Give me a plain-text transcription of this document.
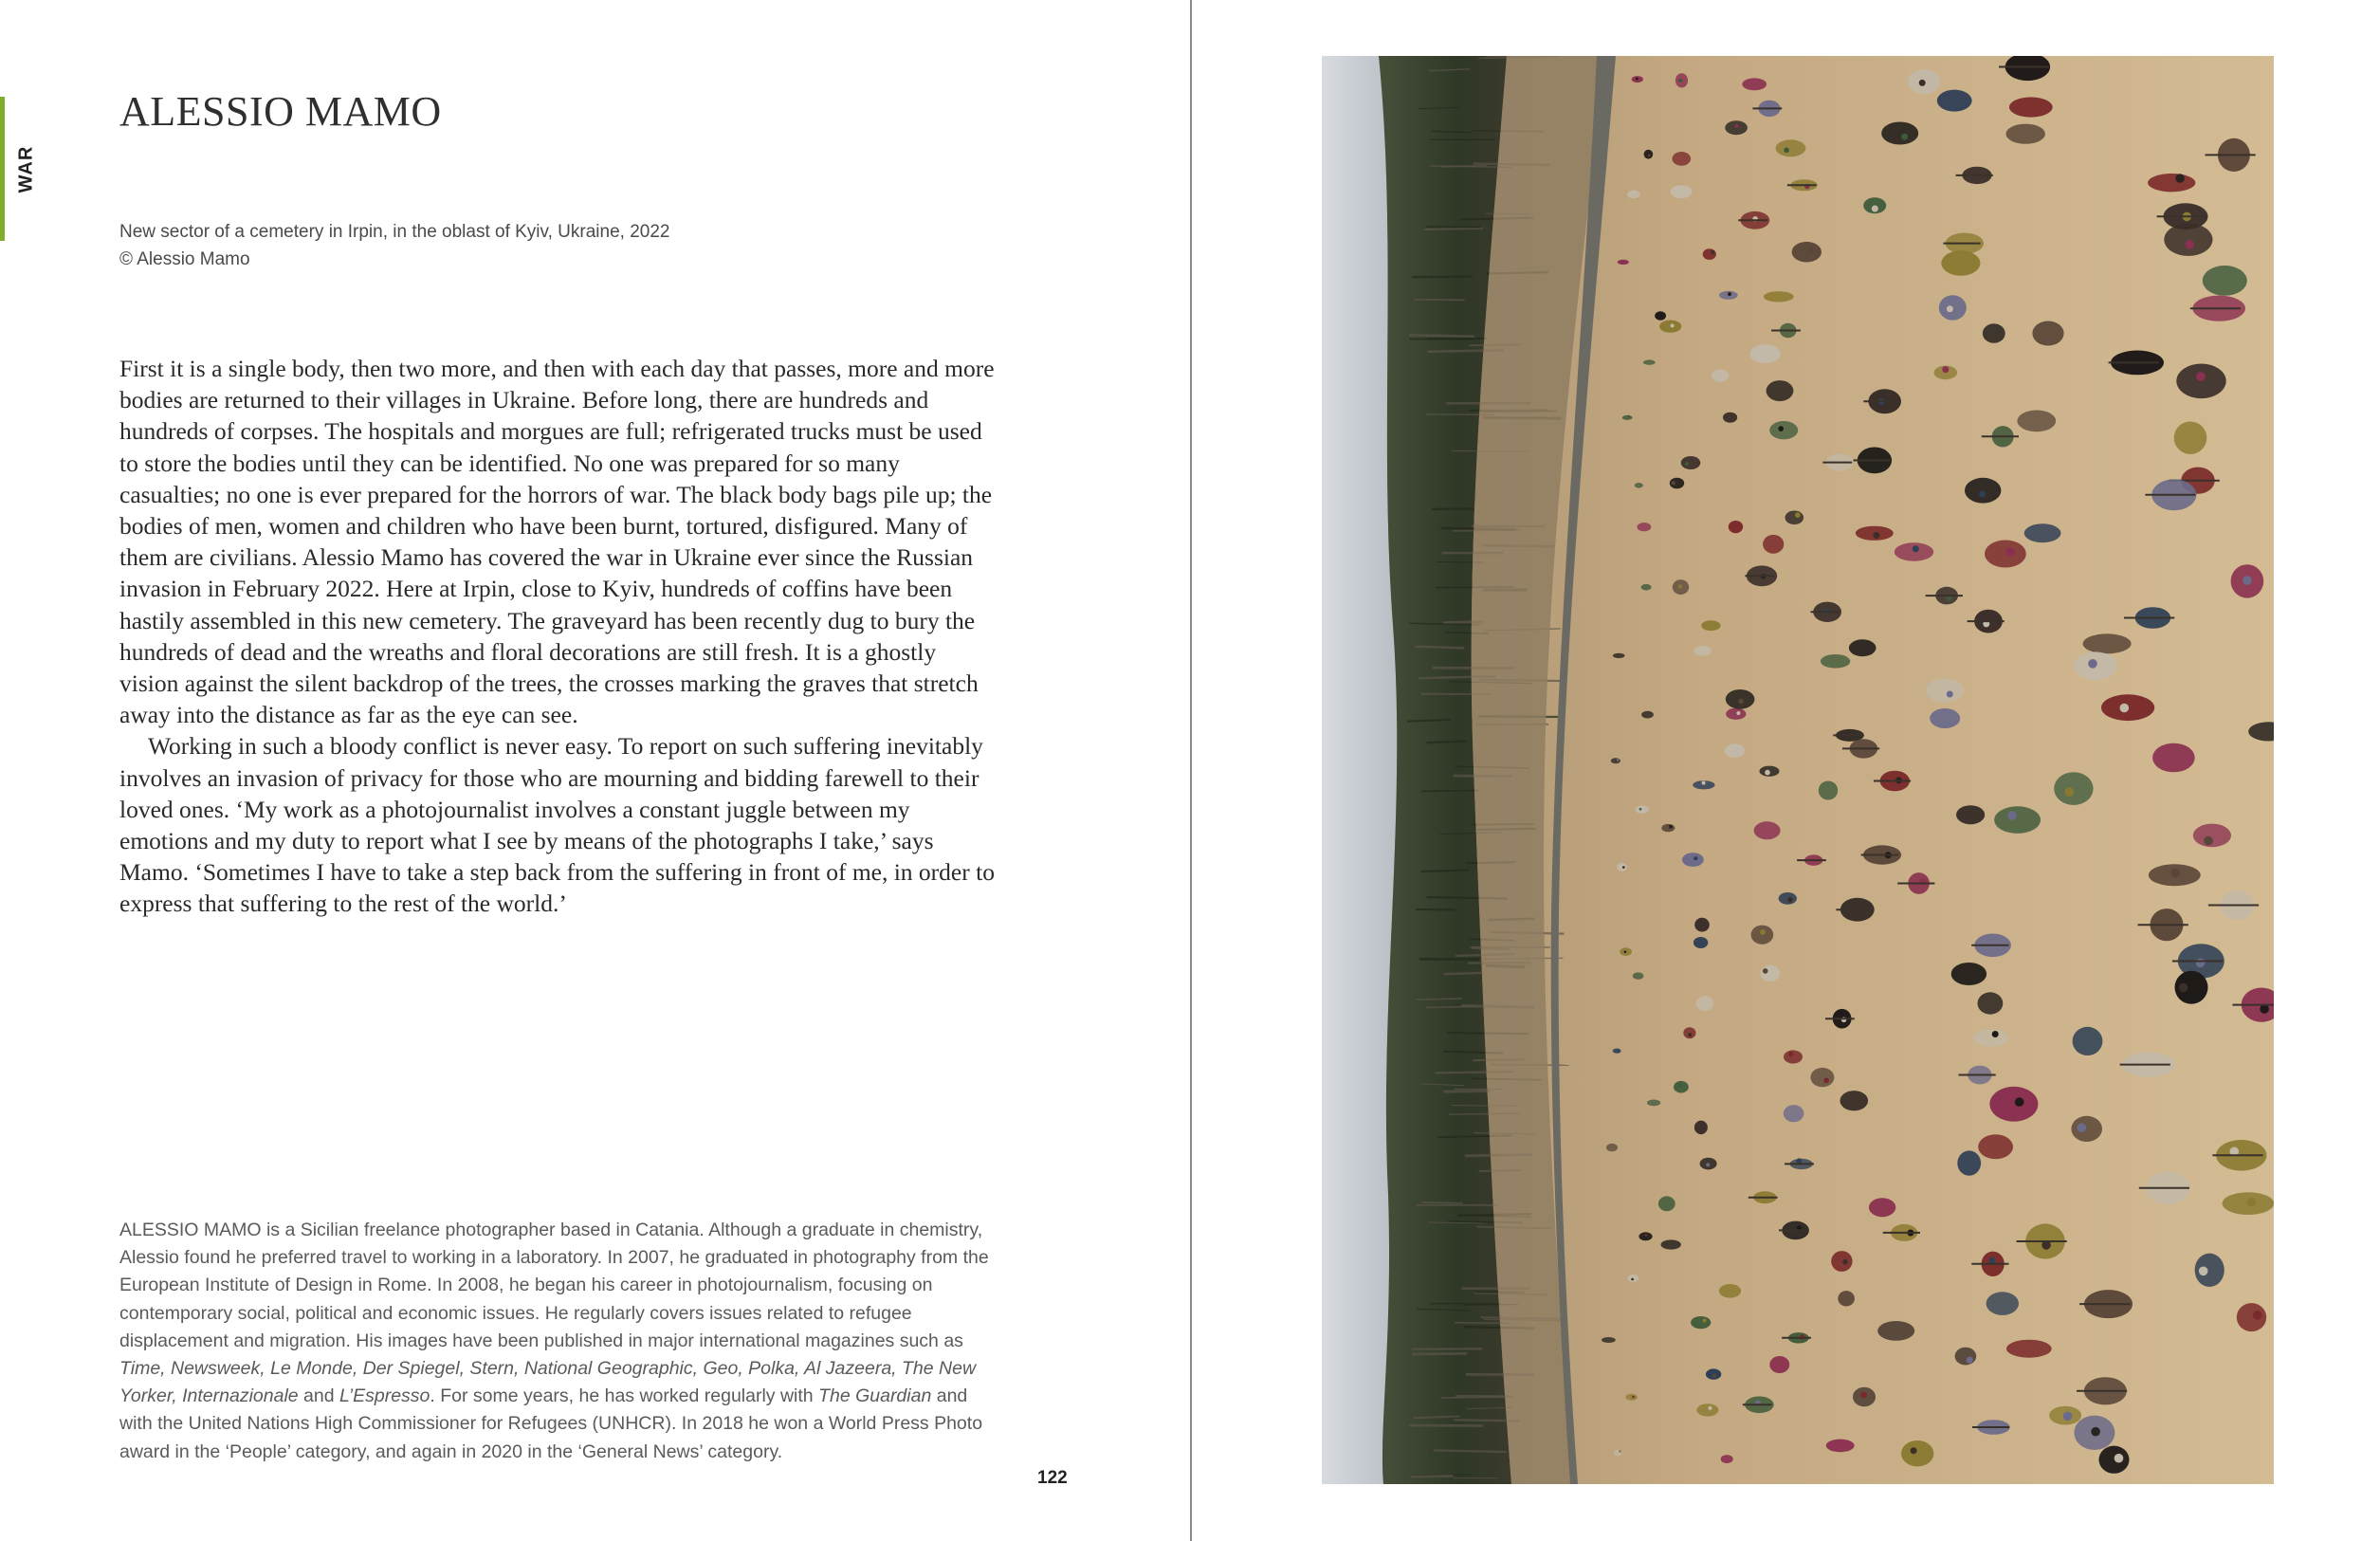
WAR
ALESSIO MAMO
New sector of a cemetery in Irpin, in the oblast of Kyiv, Ukraine, 2022
© Alessio Mamo

First it is a single body, then two more, and then with each day that passes, more and more bodies are returned to their villages in Ukraine. Before long, there are hundreds and hundreds of corpses. The hospitals and morgues are full; refrigerated trucks must be used to store the bodies until they can be identified. No one was prepared for so many casualties; no one is ever prepared for the horrors of war. The black body bags pile up; the bodies of men, women and children who have been burnt, tortured, disfigured. Many of them are civilians. Alessio Mamo has covered the war in Ukraine ever since the Russian invasion in February 2022. Here at Irpin, close to Kyiv, hundreds of coffins have been hastily assembled in this new cemetery. The graveyard has been recently dug to bury the hundreds of dead and the wreaths and floral decorations are still fresh. It is a ghostly vision against the silent backdrop of the trees, the crosses marking the graves that stretch away into the distance as far as the eye can see.

Working in such a bloody conflict is never easy. To report on such suffering inevitably involves an invasion of privacy for those who are mourning and bidding farewell to their loved ones. ‘My work as a photojournalist involves a constant juggle between my emotions and my duty to report what I see by means of the photographs I take,’ says Mamo. ‘Sometimes I have to take a step back from the suffering in front of me, in order to express that suffering to the rest of the world.’

ALESSIO MAMO is a Sicilian freelance photographer based in Catania. Although a graduate in chemistry, Alessio found he preferred travel to working in a laboratory. In 2007, he graduated in photography from the European Institute of Design in Rome. In 2008, he began his career in photojournalism, focusing on contemporary social, political and economic issues. He regularly covers issues related to refugee displacement and migration. His images have been published in major international magazines such as Time, Newsweek, Le Monde, Der Spiegel, Stern, National Geographic, Geo, Polka, Al Jazeera, The New Yorker, Internazionale and L’Espresso. For some years, he has worked regularly with The Guardian and with the United Nations High Commissioner for Refugees (UNHCR). In 2018 he won a World Press Photo award in the ‘People’ category, and again in 2020 in the ‘General News’ category.
122
